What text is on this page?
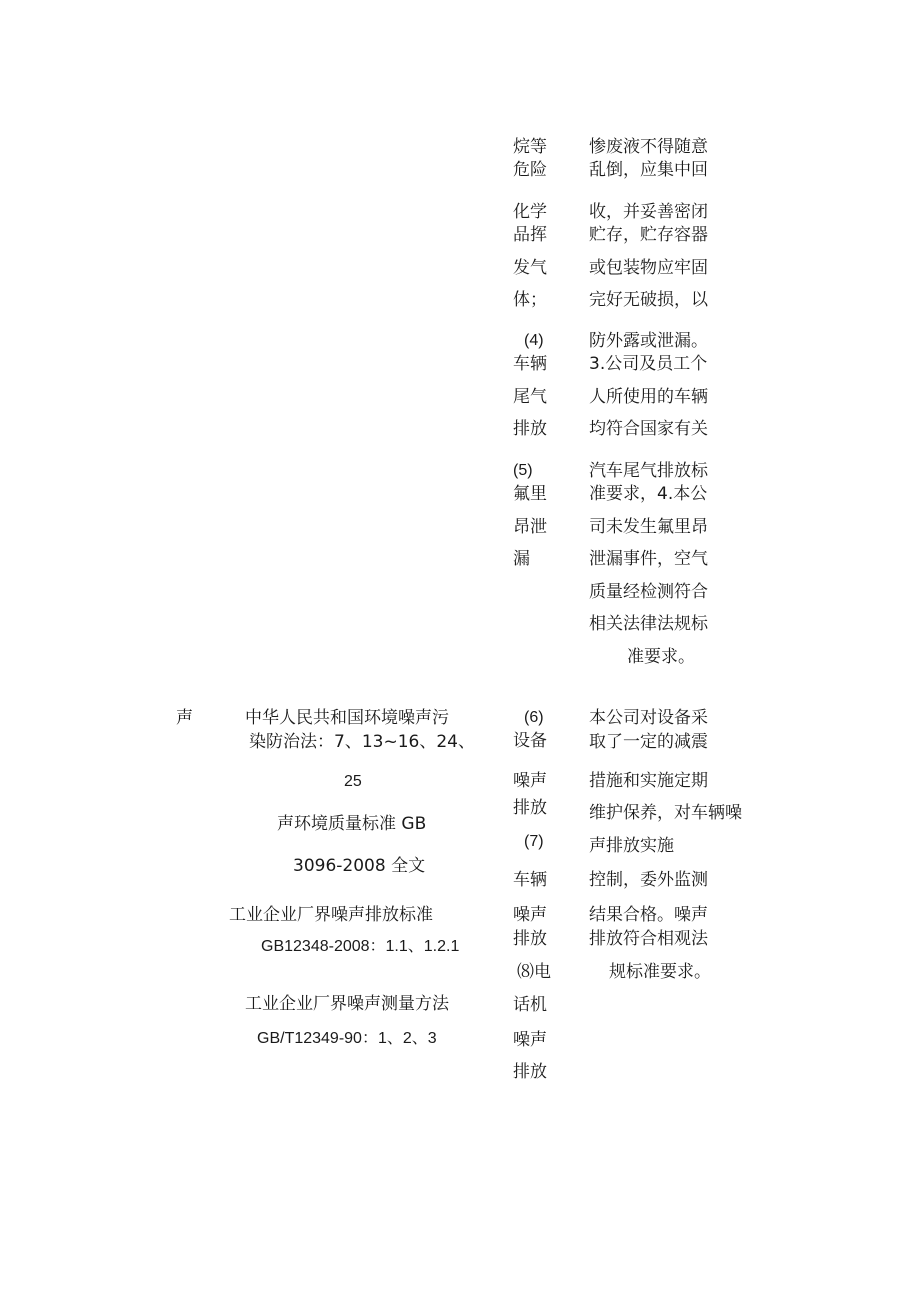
声	中华人民共和国环境噪声污
染防治法：7、13~16、24、
25
声环境质量标准 GB
3096-2008 全文
工业企业厂界噪声排放标准
GB12348-2008：1.1、1.2.1
工业企业厂界噪声测量方法
GB/T12349-90：1、2、3
烷等
危险
化学
品挥
发气
体；
(4)
车辆
尾气
排放
(5)
氟里
昂泄
漏
(6)
设备
噪声
排放
(7)
车辆
噪声
排放
⑻电
话机
噪声
排放
惨废液不得随意
乱倒，应集中回
收，并妥善密闭
贮存，贮存容器
或包装物应牢固
完好无破损，以
防外露或泄漏。
3.公司及员工个
人所使用的车辆
均符合国家有关
汽车尾气排放标
准要求，4.本公
司未发生氟里昂
泄漏事件，空气
质量经检测符合
相关法律法规标
准要求。
本公司对设备采
取了一定的减震
措施和实施定期
维护保养，对车辆噪
声排放实施
控制，委外监测
结果合格。噪声
排放符合相观法
规标准要求。
